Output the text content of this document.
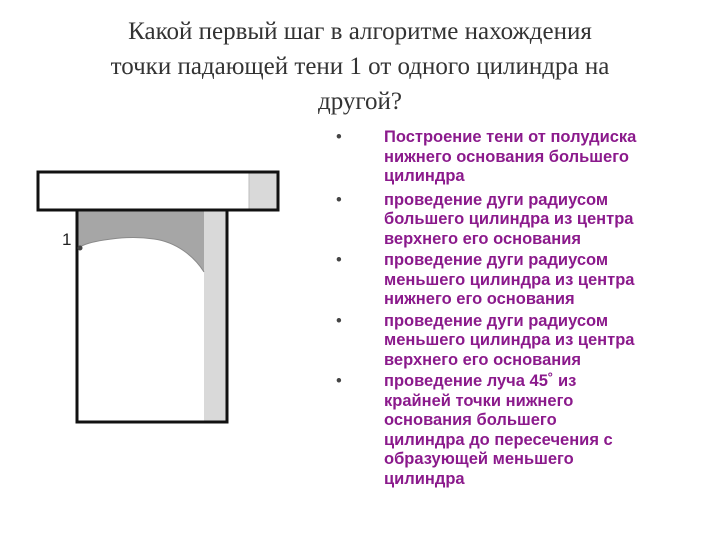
Какой первый шаг в алгоритме нахождения
точки падающей тени 1 от одного цилиндра на
другой?
1
•	Построение тени от полудиска
нижнего основания большего
цилиндра
•	проведение дуги радиусом
большего цилиндра из центра
верхнего его основания
•	проведение дуги радиусом
меньшего цилиндра из центра
нижнего его основания
•	проведение дуги радиусом
меньшего цилиндра из центра
верхнего его основания
•	проведение луча 45˚ из
крайней точки нижнего
основания большего
цилиндра до пересечения с
образующей меньшего
цилиндра
